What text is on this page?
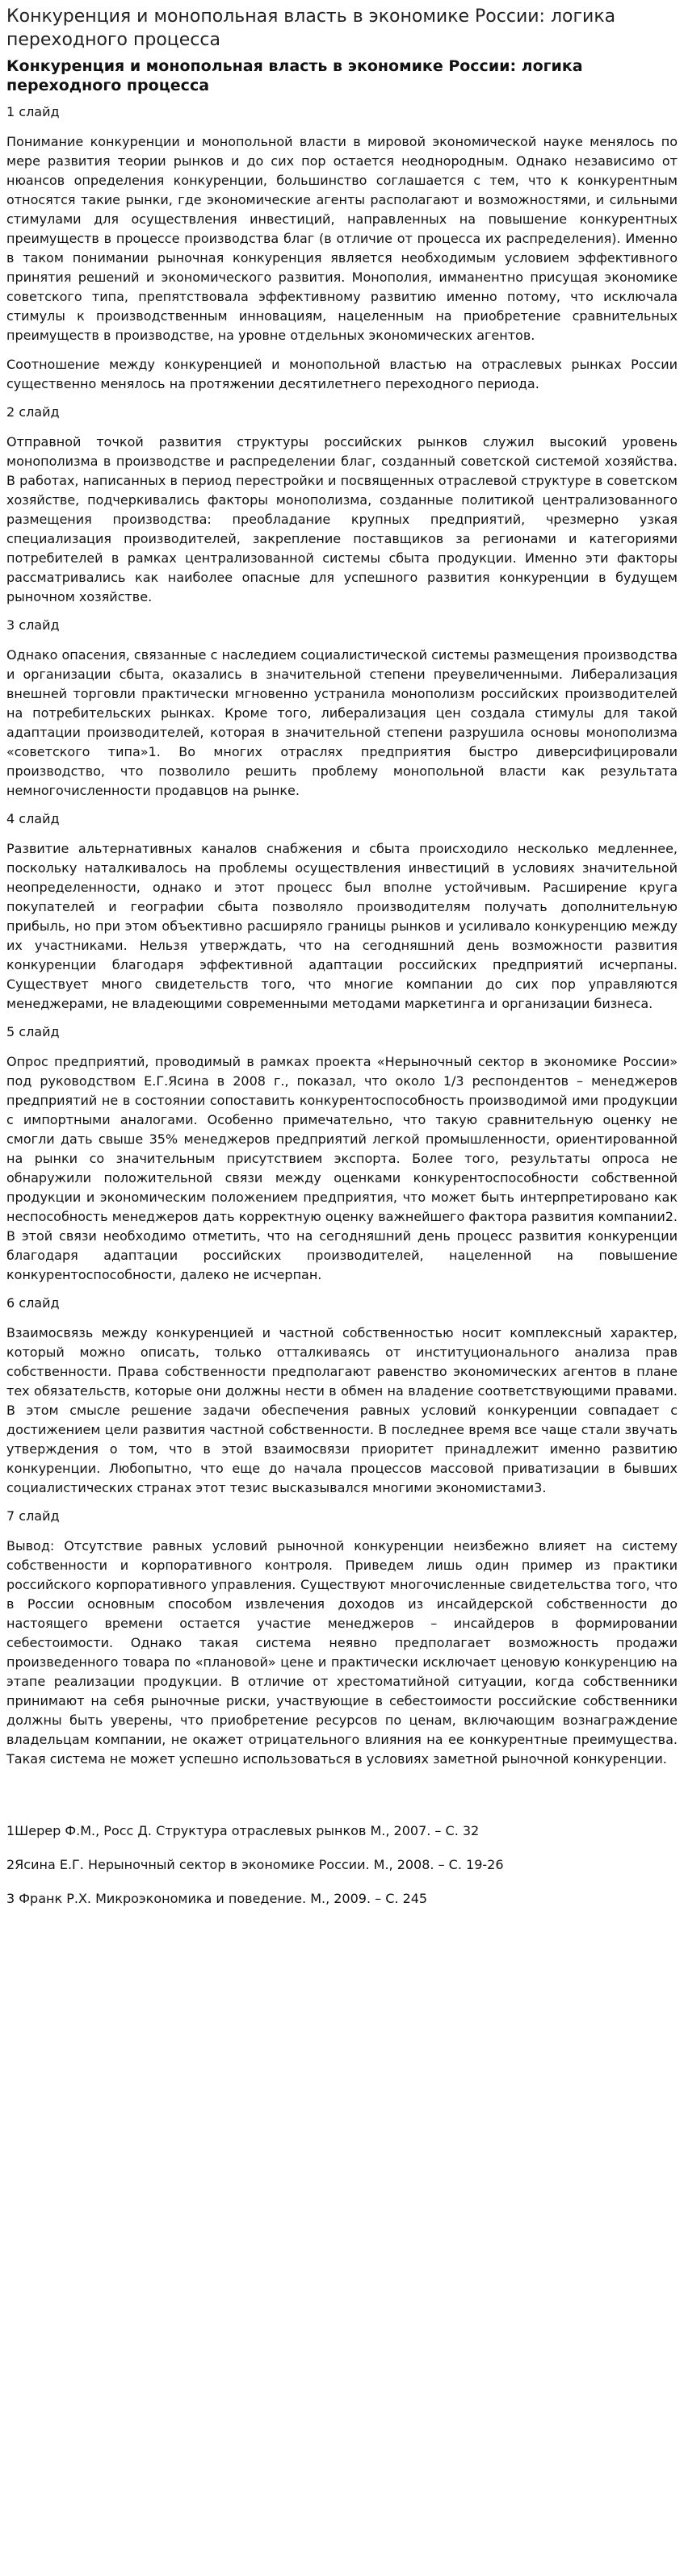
Конкуренция и монопольная власть в экономике России: логика переходного процесса
Конкуренция и монопольная власть в экономике России: логика переходного процесса
1 слайд

Понимание конкуренции и монопольной власти в мировой экономической науке менялось по мере развития теории рынков и до сих пор остается неоднородным. Однако независимо от нюансов определения конкуренции, большинство соглашается с тем, что к конкурентным относятся такие рынки, где экономические агенты располагают и возможностями, и сильными стимулами для осуществления инвестиций, направленных на повышение конкурентных преимуществ в процессе производства благ (в отличие от процесса их распределения). Именно в таком понимании рыночная конкуренция является необходимым условием эффективного принятия решений и экономического развития. Монополия, имманентно присущая экономике советского типа, препятствовала эффективному развитию именно потому, что исключала стимулы к производственным инновациям, нацеленным на приобретение сравнительных преимуществ в производстве, на уровне отдельных экономических агентов.

Соотношение между конкуренцией и монопольной властью на отраслевых рынках России существенно менялось на протяжении десятилетнего переходного периода.

2 слайд

Отправной точкой развития структуры российских рынков служил высокий уровень монополизма в производстве и распределении благ, созданный советской системой хозяйства. В работах, написанных в период перестройки и посвященных отраслевой структуре в советском хозяйстве, подчеркивались факторы монополизма, созданные политикой централизованного размещения производства: преобладание крупных предприятий, чрезмерно узкая специализация производителей, закрепление поставщиков за регионами и категориями потребителей в рамках централизованной системы сбыта продукции. Именно эти факторы рассматривались как наиболее опасные для успешного развития конкуренции в будущем рыночном хозяйстве.

3 слайд

Однако опасения, связанные с наследием социалистической системы размещения производства и организации сбыта, оказались в значительной степени преувеличенными. Либерализация внешней торговли практически мгновенно устранила монополизм российских производителей на потребительских рынках. Кроме того, либерализация цен создала стимулы для такой адаптации производителей, которая в значительной степени разрушила основы монополизма «советского типа»1. Во многих отраслях предприятия быстро диверсифицировали производство, что позволило решить проблему монопольной власти как результата немногочисленности продавцов на рынке.

4 слайд

Развитие альтернативных каналов снабжения и сбыта происходило несколько медленнее, поскольку наталкивалось на проблемы осуществления инвестиций в условиях значительной неопределенности, однако и этот процесс был вполне устойчивым. Расширение круга покупателей и географии сбыта позволяло производителям получать дополнительную прибыль, но при этом объективно расширяло границы рынков и усиливало конкуренцию между их участниками. Нельзя утверждать, что на сегодняшний день возможности развития конкуренции благодаря эффективной адаптации российских предприятий исчерпаны. Существует много свидетельств того, что многие компании до сих пор управляются менеджерами, не владеющими современными методами маркетинга и организации бизнеса.

5 слайд

Опрос предприятий, проводимый в рамках проекта «Нерыночный сектор в экономике России» под руководством Е.Г.Ясина в 2008 г., показал, что около 1/3 респондентов – менеджеров предприятий не в состоянии сопоставить конкурентоспособность производимой ими продукции с импортными аналогами. Особенно примечательно, что такую сравнительную оценку не смогли дать свыше 35% менеджеров предприятий легкой промышленности, ориентированной на рынки со значительным присутствием экспорта. Более того, результаты опроса не обнаружили положительной связи между оценками конкурентоспособности собственной продукции и экономическим положением предприятия, что может быть интерпретировано как неспособность менеджеров дать корректную оценку важнейшего фактора развития компании2. В этой связи необходимо отметить, что на сегодняшний день процесс развития конкуренции благодаря адаптации российских производителей, нацеленной на повышение конкурентоспособности, далеко не исчерпан.

6 слайд

Взаимосвязь между конкуренцией и частной собственностью носит комплексный характер, который можно описать, только отталкиваясь от институционального анализа прав собственности. Права собственности предполагают равенство экономических агентов в плане тех обязательств, которые они должны нести в обмен на владение соответствующими правами. В этом смысле решение задачи обеспечения равных условий конкуренции совпадает с достижением цели развития частной собственности. В последнее время все чаще стали звучать утверждения о том, что в этой взаимосвязи приоритет принадлежит именно развитию конкуренции. Любопытно, что еще до начала процессов массовой приватизации в бывших социалистических странах этот тезис высказывался многими экономистами3.

7 слайд

Вывод: Отсутствие равных условий рыночной конкуренции неизбежно влияет на систему собственности и корпоративного контроля. Приведем лишь один пример из практики российского корпоративного управления. Существуют многочисленные свидетельства того, что в России основным способом извлечения доходов из инсайдерской собственности до настоящего времени остается участие менеджеров – инсайдеров в формировании себестоимости. Однако такая система неявно предполагает возможность продажи произведенного товара по «плановой» цене и практически исключает ценовую конкуренцию на этапе реализации продукции. В отличие от хрестоматийной ситуации, когда собственники принимают на себя рыночные риски, участвующие в себестоимости российские собственники должны быть уверены, что приобретение ресурсов по ценам, включающим вознаграждение владельцам компании, не окажет отрицательного влияния на ее конкурентные преимущества. Такая система не может успешно использоваться в условиях заметной рыночной конкуренции.

1Шерер Ф.М., Росс Д. Структура отраслевых рынков М., 2007. – С. 32
2Ясина Е.Г. Нерыночный сектор в экономике России. М., 2008. – С. 19-26
3 Франк Р.Х. Микроэкономика и поведение. М., 2009. – С. 245
